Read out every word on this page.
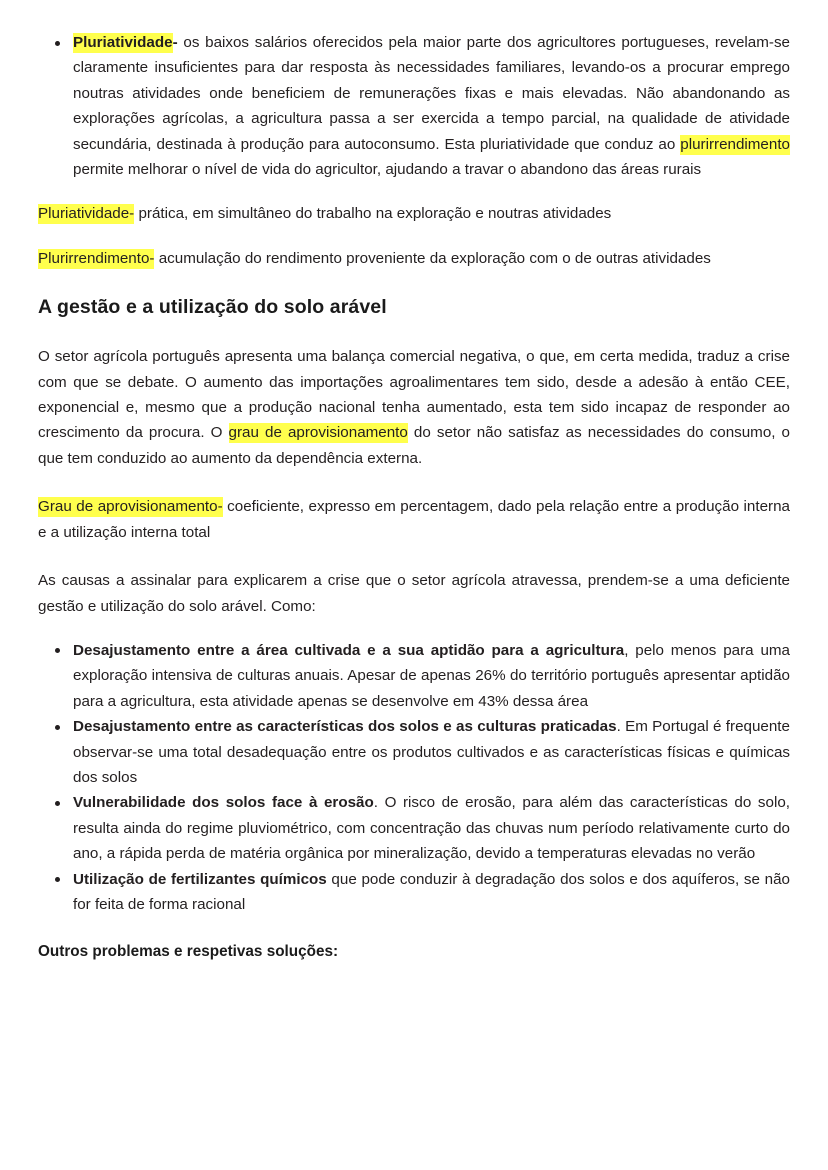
Pluriatividade- os baixos salários oferecidos pela maior parte dos agricultores portugueses, revelam-se claramente insuficientes para dar resposta às necessidades familiares, levando-os a procurar emprego noutras atividades onde beneficiem de remunerações fixas e mais elevadas. Não abandonando as explorações agrícolas, a agricultura passa a ser exercida a tempo parcial, na qualidade de atividade secundária, destinada à produção para autoconsumo. Esta pluriatividade que conduz ao plurirrendimento permite melhorar o nível de vida do agricultor, ajudando a travar o abandono das áreas rurais

Pluriatividade- prática, em simultâneo do trabalho na exploração e noutras atividades

Plurirrendimento- acumulação do rendimento proveniente da exploração com o de outras atividades

A gestão e a utilização do solo arável

O setor agrícola português apresenta uma balança comercial negativa, o que, em certa medida, traduz a crise com que se debate. O aumento das importações agroalimentares tem sido, desde a adesão à então CEE, exponencial e, mesmo que a produção nacional tenha aumentado, esta tem sido incapaz de responder ao crescimento da procura. O grau de aprovisionamento do setor não satisfaz as necessidades do consumo, o que tem conduzido ao aumento da dependência externa.

Grau de aprovisionamento- coeficiente, expresso em percentagem, dado pela relação entre a produção interna e a utilização interna total

As causas a assinalar para explicarem a crise que o setor agrícola atravessa, prendem-se a uma deficiente gestão e utilização do solo arável. Como:

Desajustamento entre a área cultivada e a sua aptidão para a agricultura, pelo menos para uma exploração intensiva de culturas anuais. Apesar de apenas 26% do território português apresentar aptidão para a agricultura, esta atividade apenas se desenvolve em 43% dessa área
Desajustamento entre as características dos solos e as culturas praticadas. Em Portugal é frequente observar-se uma total desadequação entre os produtos cultivados e as características físicas e químicas dos solos
Vulnerabilidade dos solos face à erosão. O risco de erosão, para além das características do solo, resulta ainda do regime pluviométrico, com concentração das chuvas num período relativamente curto do ano, a rápida perda de matéria orgânica por mineralização, devido a temperaturas elevadas no verão
Utilização de fertilizantes químicos que pode conduzir à degradação dos solos e dos aquíferos, se não for feita de forma racional

Outros problemas e respetivas soluções:
